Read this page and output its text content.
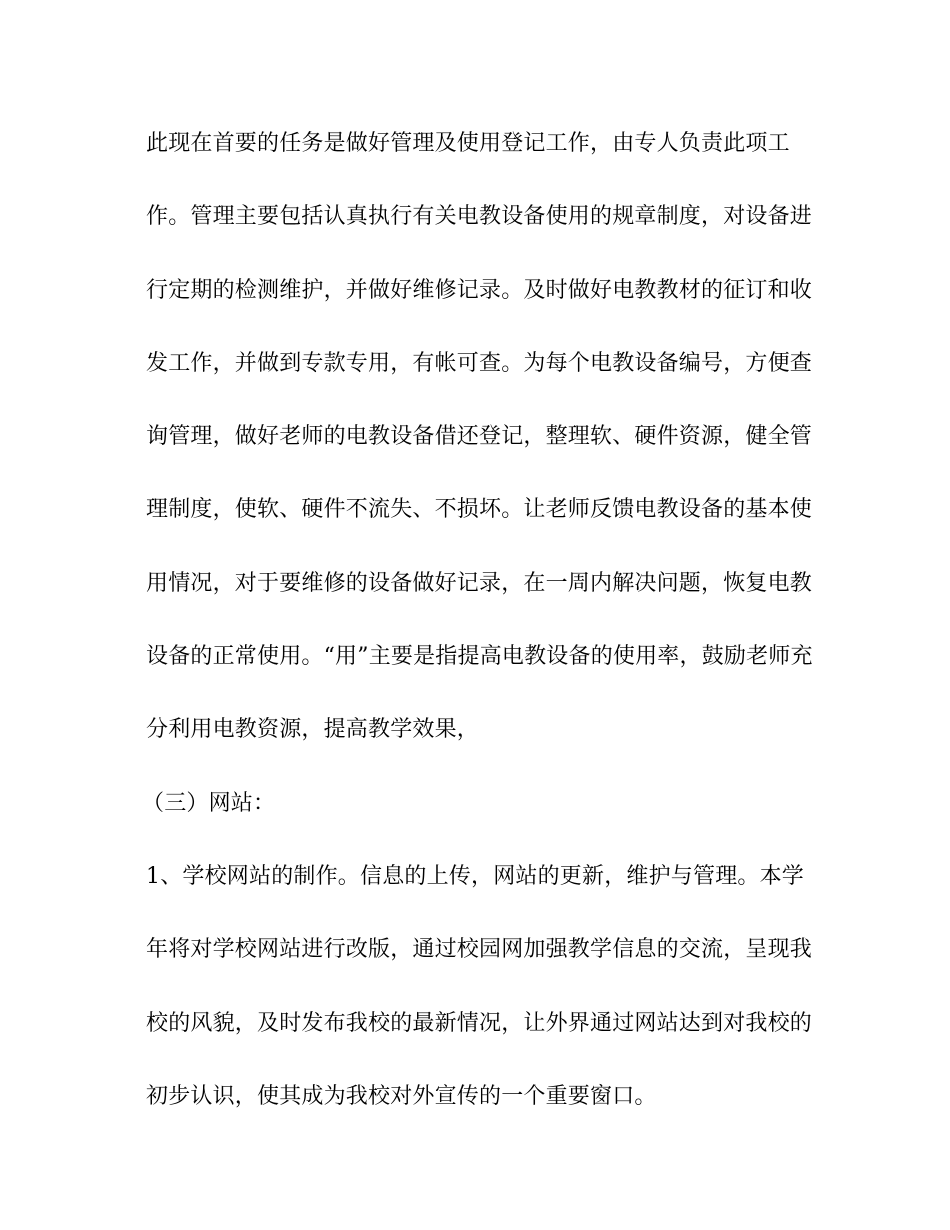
此现在首要的任务是做好管理及使用登记工作，由专人负责此项工
作。管理主要包括认真执行有关电教设备使用的规章制度，对设备进
行定期的检测维护，并做好维修记录。及时做好电教教材的征订和收
发工作，并做到专款专用，有帐可查。为每个电教设备编号，方便查
询管理，做好老师的电教设备借还登记，整理软、硬件资源，健全管
理制度，使软、硬件不流失、不损坏。让老师反馈电教设备的基本使
用情况，对于要维修的设备做好记录，在一周内解决问题，恢复电教
设备的正常使用。“用”主要是指提高电教设备的使用率，鼓励老师充
分利用电教资源，提高教学效果，
（三）网站：
1、学校网站的制作。信息的上传，网站的更新，维护与管理。本学
年将对学校网站进行改版，通过校园网加强教学信息的交流，呈现我
校的风貌，及时发布我校的最新情况，让外界通过网站达到对我校的
初步认识，使其成为我校对外宣传的一个重要窗口。
